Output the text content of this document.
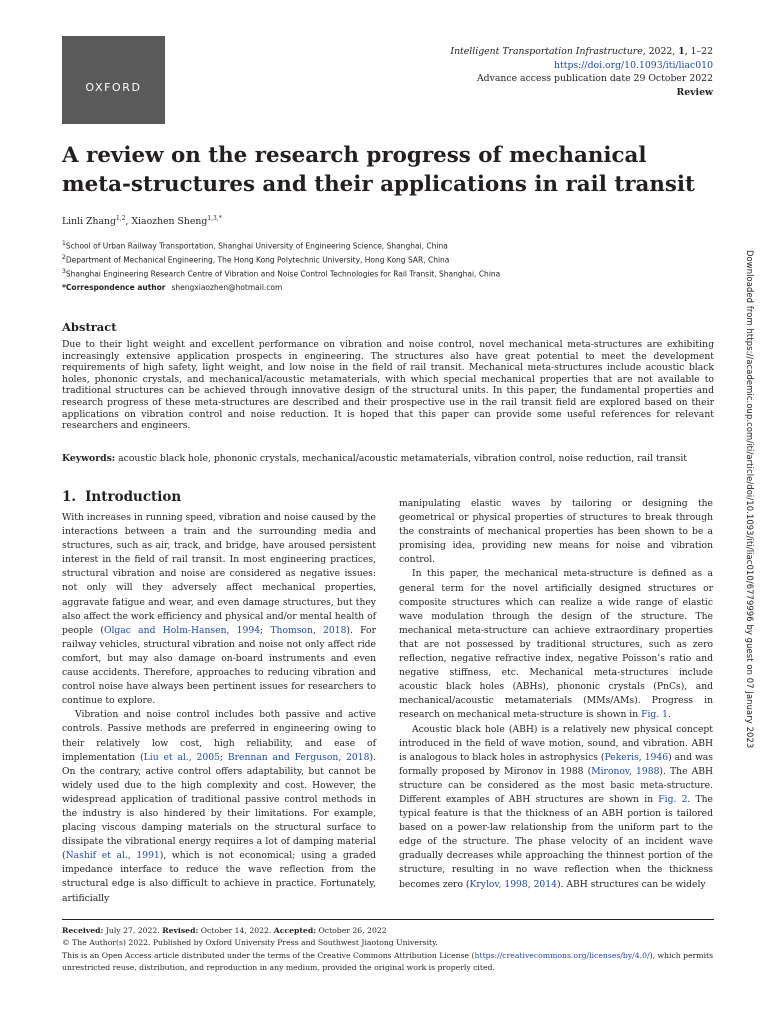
OXFORD
Intelligent Transportation Infrastructure, 2022, 1, 1–22
https://doi.org/10.1093/iti/liac010
Advance access publication date 29 October 2022
Review
A review on the research progress of mechanical meta-structures and their applications in rail transit
Linli Zhang$^{1,2}$, Xiaozhen Sheng$^{1,3,*}$
$^1$School of Urban Railway Transportation, Shanghai University of Engineering Science, Shanghai, China
$^2$Department of Mechanical Engineering, The Hong Kong Polytechnic University, Hong Kong SAR, China
$^3$Shanghai Engineering Research Centre of Vibration and Noise Control Technologies for Rail Transit, Shanghai, China
*Correspondence author shengxiaozhen@hotmail.com	Downloaded from https://academic.oup.com/iti/article/doi/10.1093/iti/liac010/6779996 by guest on 07 January 2023
Abstract

Due to their light weight and excellent performance on vibration and noise control, novel mechanical meta-structures are exhibiting increasingly extensive application prospects in engineering. The structures also have great potential to meet the development requirements of high safety, light weight, and low noise in the field of rail transit. Mechanical meta-structures include acoustic black holes, phononic crystals, and mechanical/acoustic metamaterials, with which special mechanical properties that are not available to traditional structures can be achieved through innovative design of the structural units. In this paper, the fundamental properties and research progress of these meta-structures are described and their prospective use in the rail transit field are explored based on their applications on vibration control and noise reduction. It is hoped that this paper can provide some useful references for relevant researchers and engineers.

Keywords: acoustic black hole, phononic crystals, mechanical/acoustic metamaterials, vibration control, noise reduction, rail transit

1. Introduction

With increases in running speed, vibration and noise caused by the interactions between a train and the surrounding media and structures, such as air, track, and bridge, have aroused persistent interest in the field of rail transit. In most engineering practices, structural vibration and noise are considered as negative issues: not only will they adversely affect mechanical properties, aggravate fatigue and wear, and even damage structures, but they also affect the work efficiency and physical and/or mental health of people (Olgac and Holm-Hansen, 1994; Thomson, 2018). For railway vehicles, structural vibration and noise not only affect ride comfort, but may also damage on-board instruments and even cause accidents. Therefore, approaches to reducing vibration and control noise have always been pertinent issues for researchers to continue to explore.

Vibration and noise control includes both passive and active controls. Passive methods are preferred in engineering owing to their relatively low cost, high reliability, and ease of implementation (Liu et al., 2005; Brennan and Ferguson, 2018). On the contrary, active control offers adaptability, but cannot be widely used due to the high complexity and cost. However, the widespread application of traditional passive control methods in the industry is also hindered by their limitations. For example, placing viscous damping materials on the structural surface to dissipate the vibrational energy requires a lot of damping material (Nashif et al., 1991), which is not economical; using a graded impedance interface to reduce the wave reflection from the structural edge is also difficult to achieve in practice. Fortunately, artificially

manipulating elastic waves by tailoring or designing the geometrical or physical properties of structures to break through the constraints of mechanical properties has been shown to be a promising idea, providing new means for noise and vibration control.

In this paper, the mechanical meta-structure is defined as a general term for the novel artificially designed structures or composite structures which can realize a wide range of elastic wave modulation through the design of the structure. The mechanical meta-structure can achieve extraordinary properties that are not possessed by traditional structures, such as zero reflection, negative refractive index, negative Poisson’s ratio and negative stiffness, etc. Mechanical meta-structures include acoustic black holes (ABHs), phononic crystals (PnCs), and mechanical/acoustic metamaterials (MMs/AMs). Progress in research on mechanical meta-structure is shown in Fig. 1.

Acoustic black hole (ABH) is a relatively new physical concept introduced in the field of wave motion, sound, and vibration. ABH is analogous to black holes in astrophysics (Pekeris, 1946) and was formally proposed by Mironov in 1988 (Mironov, 1988). The ABH structure can be considered as the most basic meta-structure. Different examples of ABH structures are shown in Fig. 2. The typical feature is that the thickness of an ABH portion is tailored based on a power-law relationship from the uniform part to the edge of the structure. The phase velocity of an incident wave gradually decreases while approaching the thinnest portion of the structure, resulting in no wave reflection when the thickness becomes zero (Krylov, 1998, 2014). ABH structures can be widely

Received: July 27, 2022. Revised: October 14, 2022. Accepted: October 26, 2022
© The Author(s) 2022. Published by Oxford University Press and Southwest Jiaotong University.
This is an Open Access article distributed under the terms of the Creative Commons Attribution License (https://creativecommons.org/licenses/by/4.0/), which permits unrestricted reuse, distribution, and reproduction in any medium, provided the original work is properly cited.
